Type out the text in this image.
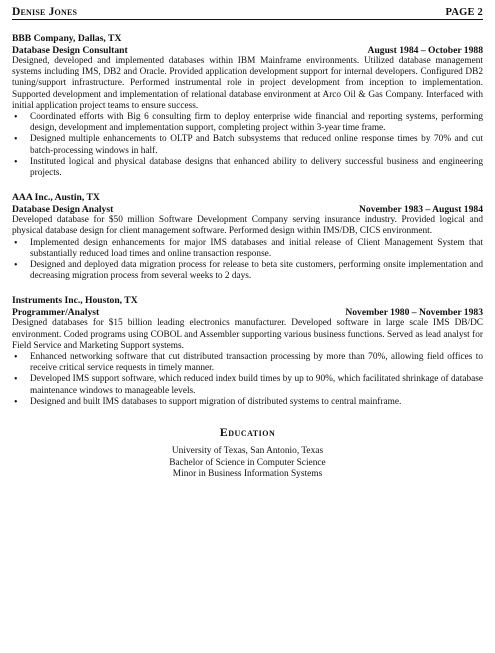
Denise Jones	PAGE 2
BBB Company, Dallas, TX
Database Design Consultant	August 1984 – October 1988

Designed, developed and implemented databases within IBM Mainframe environments. Utilized database management systems including IMS, DB2 and Oracle. Provided application development support for internal developers. Configured DB2 tuning/support infrastructure. Performed instrumental role in project development from inception to implementation. Supported development and implementation of relational database environment at Arco Oil & Gas Company. Interfaced with initial application project teams to ensure success.

• Coordinated efforts with Big 6 consulting firm to deploy enterprise wide financial and reporting systems, performing design, development and implementation support, completing project within 3-year time frame.
• Designed multiple enhancements to OLTP and Batch subsystems that reduced online response times by 70% and cut batch-processing windows in half.
• Instituted logical and physical database designs that enhanced ability to delivery successful business and engineering projects.
AAA Inc., Austin, TX
Database Design Analyst	November 1983 – August 1984

Developed database for $50 million Software Development Company serving insurance industry. Provided logical and physical database design for client management software. Performed design within IMS/DB, CICS environment.

• Implemented design enhancements for major IMS databases and initial release of Client Management System that substantially reduced load times and online transaction response.
• Designed and deployed data migration process for release to beta site customers, performing onsite implementation and decreasing migration process from several weeks to 2 days.
Instruments Inc., Houston, TX
Programmer/Analyst	November 1980 – November 1983

Designed databases for $15 billion leading electronics manufacturer. Developed software in large scale IMS DB/DC environment. Coded programs using COBOL and Assembler supporting various business functions. Served as lead analyst for Field Service and Marketing Support systems.

• Enhanced networking software that cut distributed transaction processing by more than 70%, allowing field offices to receive critical service requests in timely manner.
• Developed IMS support software, which reduced index build times by up to 90%, which facilitated shrinkage of database maintenance windows to manageable levels.
• Designed and built IMS databases to support migration of distributed systems to central mainframe.
Education
University of Texas, San Antonio, Texas
Bachelor of Science in Computer Science
Minor in Business Information Systems
